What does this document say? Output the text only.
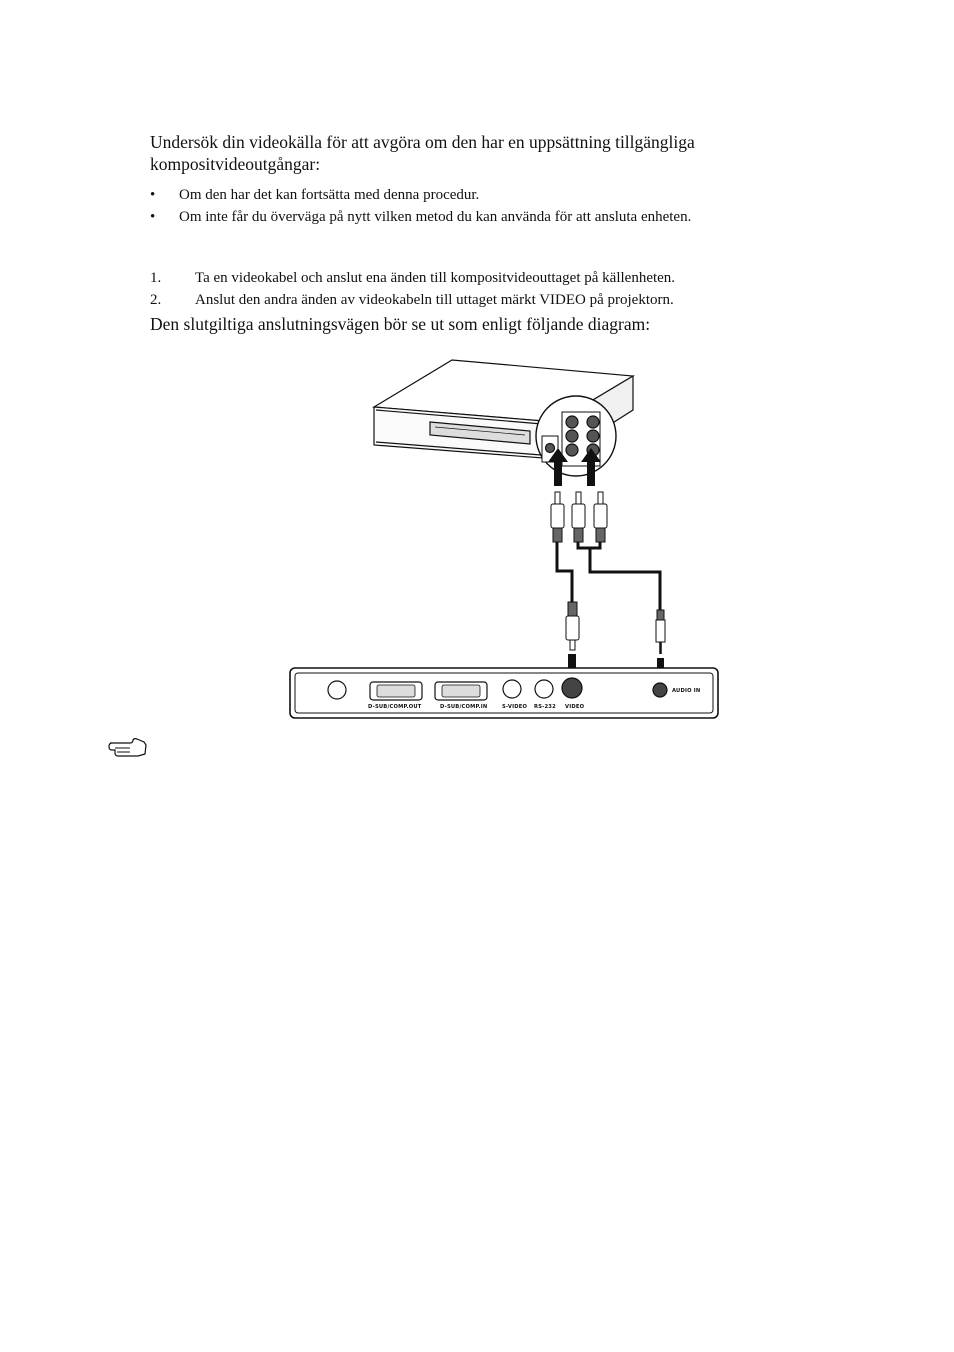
Undersök din videokälla för att avgöra om den har en uppsättning tillgängliga kompositvideoutgångar:
• Om den har det kan fortsätta med denna procedur.
• Om inte får du överväga på nytt vilken metod du kan använda för att ansluta enheten.
1. Ta en videokabel och anslut ena änden till kompositvideouttaget på källenheten.
2. Anslut den andra änden av videokabeln till uttaget märkt VIDEO på projektorn.
Den slutgiltiga anslutningsvägen bör se ut som enligt följande diagram:
D-SUB/COMP.OUT	D-SUB/COMP.IN	S-VIDEO RS-232 VIDEO
AUDIO IN
